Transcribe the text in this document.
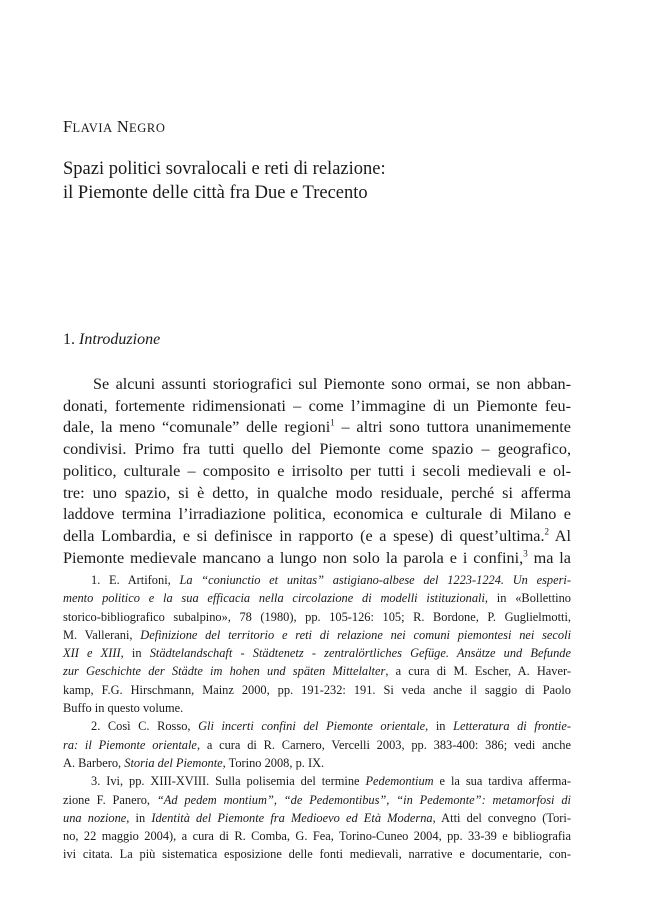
FLAVIA NEGRO
Spazi politici sovralocali e reti di relazione:
il Piemonte delle città fra Due e Trecento
1. Introduzione
Se alcuni assunti storiografici sul Piemonte sono ormai, se non abban-
donati, fortemente ridimensionati – come l’immagine di un Piemonte feu-
dale, la meno “comunale” delle regioni$^1$ – altri sono tuttora unanimemente
condivisi. Primo fra tutti quello del Piemonte come spazio – geografico,
politico, culturale – composito e irrisolto per tutti i secoli medievali e ol-
tre: uno spazio, si è detto, in qualche modo residuale, perché si afferma
laddove termina l’irradiazione politica, economica e culturale di Milano e
della Lombardia, e si definisce in rapporto (e a spese) di quest’ultima.$^2$ Al
Piemonte medievale mancano a lungo non solo la parola e i confini,$^3$ ma la
1. E. Artifoni, La “coniunctio et unitas” astigiano-albese del 1223-1224. Un esperi-
mento politico e la sua efficacia nella circolazione di modelli istituzionali, in «Bollettino
storico-bibliografico subalpino», 78 (1980), pp. 105-126: 105; R. Bordone, P. Guglielmotti,
M. Vallerani, Definizione del territorio e reti di relazione nei comuni piemontesi nei secoli
XII e XIII, in Städtelandschaft - Städtenetz - zentralörtliches Gefüge. Ansätze und Befunde
zur Geschichte der Städte im hohen und späten Mittelalter, a cura di M. Escher, A. Haver-
kamp, F.G. Hirschmann, Mainz 2000, pp. 191-232: 191. Si veda anche il saggio di Paolo
Buffo in questo volume.
2. Così C. Rosso, Gli incerti confini del Piemonte orientale, in Letteratura di frontie-
ra: il Piemonte orientale, a cura di R. Carnero, Vercelli 2003, pp. 383-400: 386; vedi anche
A. Barbero, Storia del Piemonte, Torino 2008, p. IX.
3. Ivi, pp. XIII-XVIII. Sulla polisemia del termine Pedemontium e la sua tardiva afferma-
zione F. Panero, “Ad pedem montium”, “de Pedemontibus”, “in Pedemonte”: metamorfosi di
una nozione, in Identità del Piemonte fra Medioevo ed Età Moderna, Atti del convegno (Tori-
no, 22 maggio 2004), a cura di R. Comba, G. Fea, Torino-Cuneo 2004, pp. 33-39 e bibliografia
ivi citata. La più sistematica esposizione delle fonti medievali, narrative e documentarie, con-
